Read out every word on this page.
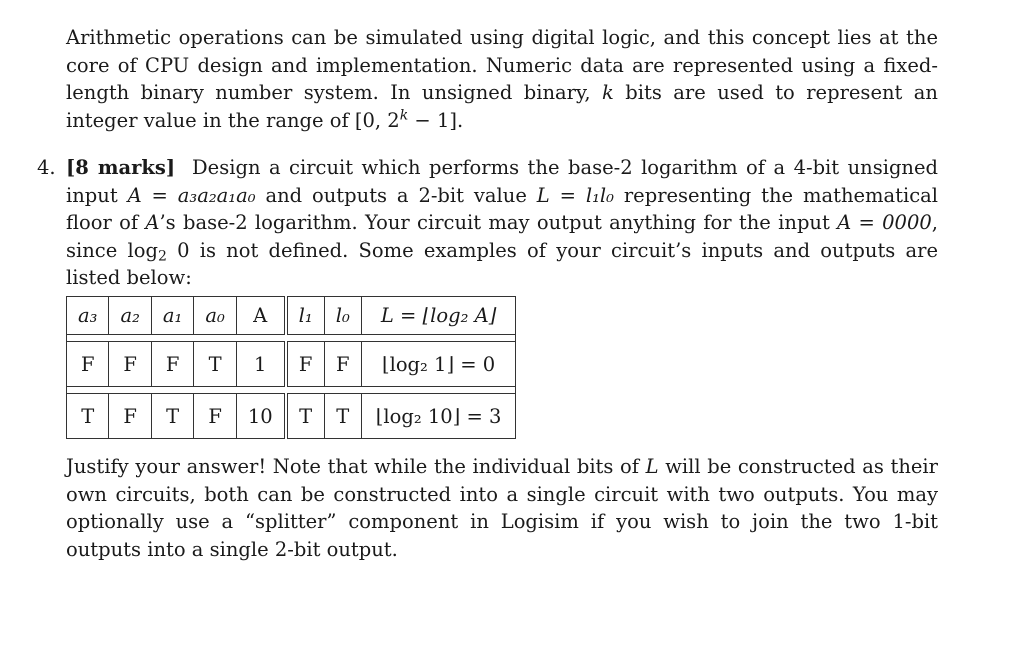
Arithmetic operations can be simulated using digital logic, and this concept lies at the core of CPU design and implementation. Numeric data are represented using a fixed-length binary number system. In unsigned binary, k bits are used to represent an integer value in the range of [0, $2^k - 1$].
4. [8 marks] Design a circuit which performs the base-2 logarithm of a 4-bit unsigned input A = a₃a₂a₁a₀ and outputs a 2-bit value L = l₁l₀ representing the mathematical floor of A’s base-2 logarithm. Your circuit may output anything for the input A = 0000, since $\log_2 0$ is not defined. Some examples of your circuit’s inputs and outputs are listed below:
a₃	a₂	a₁	a₀	A	l₁	l₀	L = ⌊log₂ A⌋

F	F	F	T	1	F	F	⌊log₂ 1⌋ = 0

T	F	T	F	10	T	T	⌊log₂ 10⌋ = 3
Justify your answer! Note that while the individual bits of L will be constructed as their own circuits, both can be constructed into a single circuit with two outputs. You may optionally use a “splitter” component in Logisim if you wish to join the two 1-bit outputs into a single 2-bit output.
